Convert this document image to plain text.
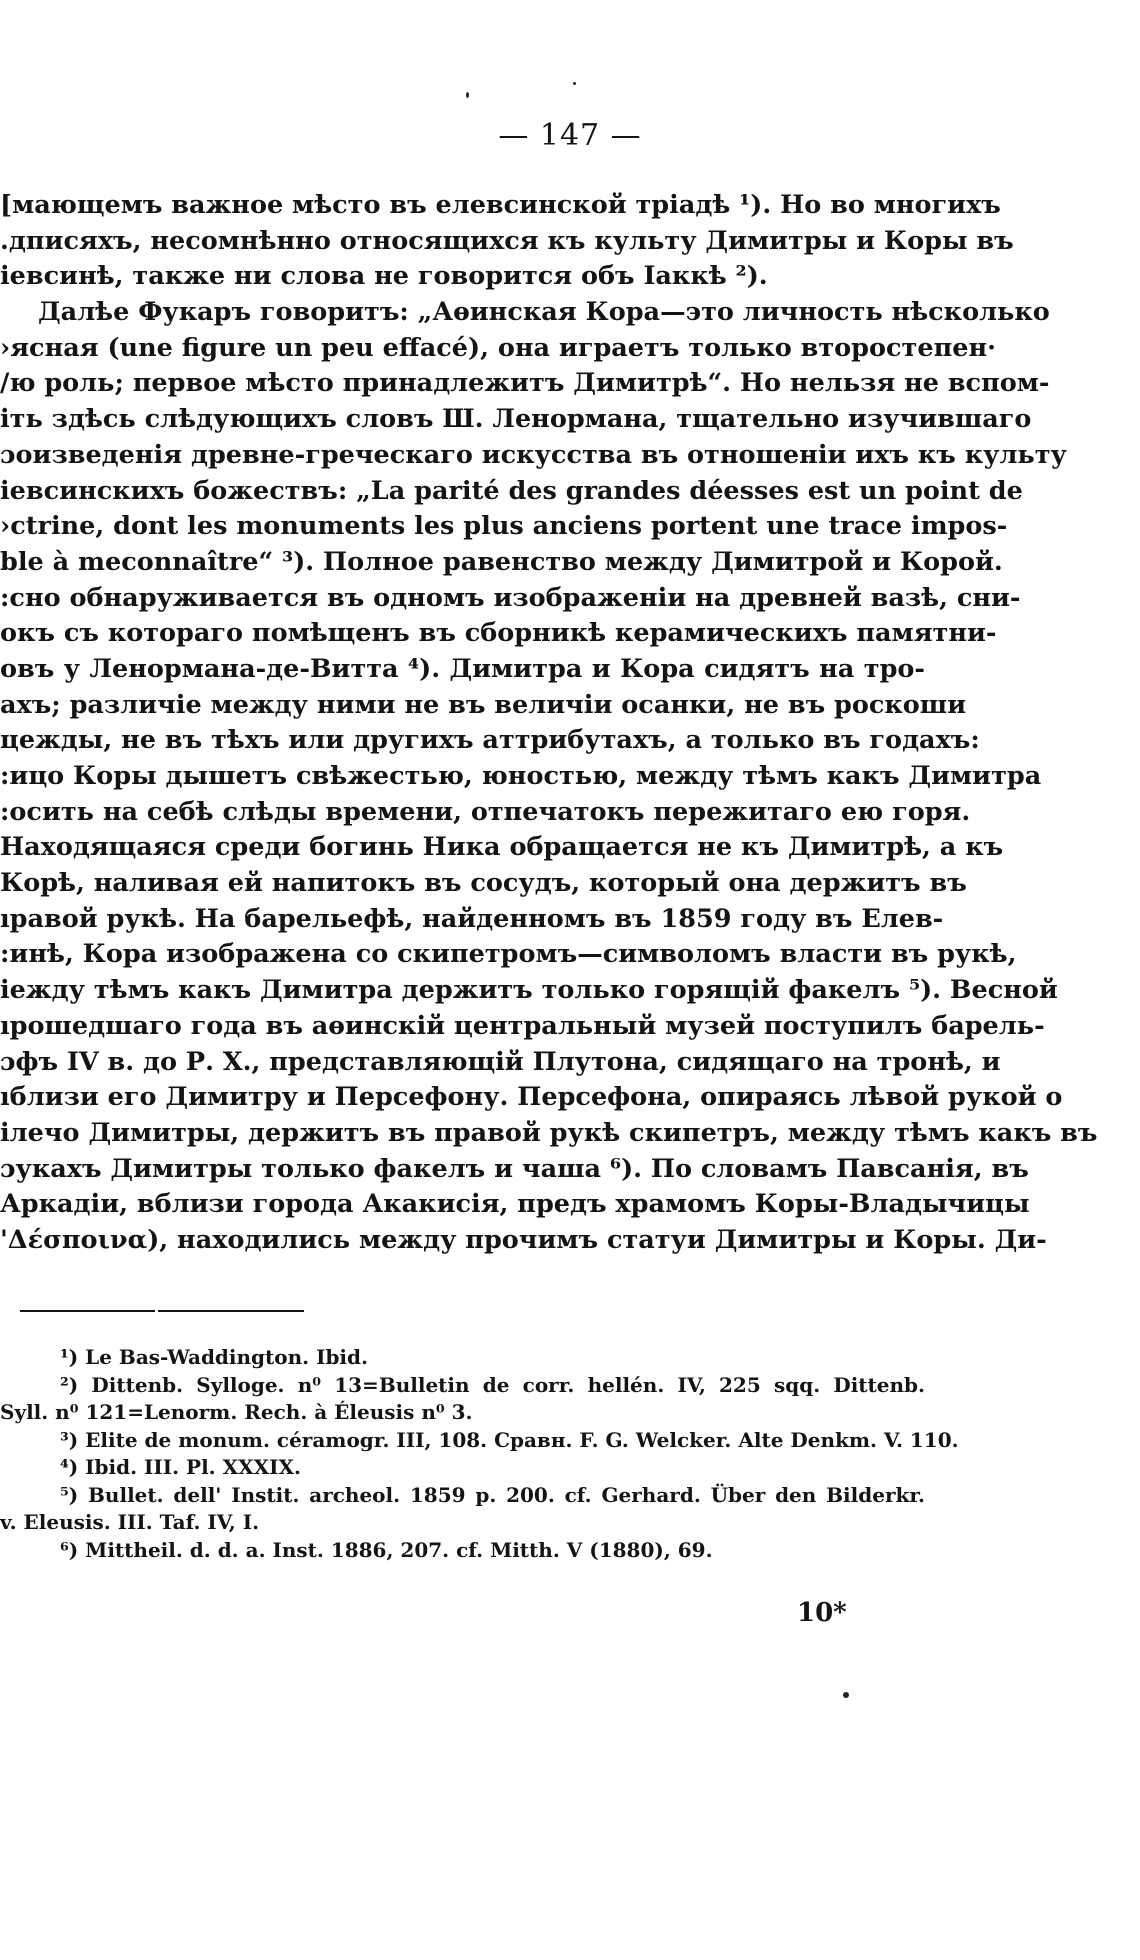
— 147 —
[мающемъ важное мѣсто въ елевсинской тріадѣ ¹). Но во многихъ
.дписяхъ, несомнѣнно относящихся къ культу Димитры и Коры въ
іевсинѣ, также ни слова не говорится объ Іаккѣ ²).
Далѣе Фукаръ говоритъ: „Аѳинская Кора—это личность нѣсколько
›ясная (une figure un peu effacé), она играетъ только второстепен·
/ю роль; первое мѣсто принадлежитъ Димитрѣ“. Но нельзя не вспом-
іть здѣсь слѣдующихъ словъ Ш. Ленормана, тщательно изучившаго
ɔоизведенія древне-греческаго искусства въ отношеніи ихъ къ культу
іевсинскихъ божествъ: „La parité des grandes déesses est un point de
›ctrine, dont les monuments les plus anciens portent une trace impos-
ble à meconnaître“ ³). Полное равенство между Димитрой и Корой.
:сно обнаруживается въ одномъ изображеніи на древней вазѣ, сни-
окъ съ котораго помѣщенъ въ сборникѣ керамическихъ памятни-
овъ у Ленормана-де-Витта ⁴). Димитра и Кора сидятъ на тро-
ахъ; различіе между ними не въ величіи осанки, не въ роскоши
цежды, не въ тѣхъ или другихъ аттрибутахъ, а только въ годахъ:
:ицо Коры дышетъ свѣжестью, юностью, между тѣмъ какъ Димитра
:осить на себѣ слѣды времени, отпечатокъ пережитаго ею горя.
Находящаяся среди богинь Ника обращается не къ Димитрѣ, а къ
Корѣ, наливая ей напитокъ въ сосудъ, который она держитъ въ
ıравой рукѣ. На барельефѣ, найденномъ въ 1859 году въ Елев-
:инѣ, Кора изображена со скипетромъ—символомъ власти въ рукѣ,
іежду тѣмъ какъ Димитра держитъ только горящій факелъ ⁵). Весной
ıрошедшаго года въ аѳинскій центральный музей поступилъ барель-
ɔфъ IV в. до Р. Х., представляющій Плутона, сидящаго на тронѣ, и
ıблизи его Димитру и Персефону. Персефона, опираясь лѣвой рукой о
ілечо Димитры, держитъ въ правой рукѣ скипетръ, между тѣмъ какъ въ
ɔукахъ Димитры только факелъ и чаша ⁶). По словамъ Павсанія, въ
Аркадіи, вблизи города Акакисія, предъ храмомъ Коры-Владычицы
'Δέσποινα), находились между прочимъ статуи Димитры и Коры. Ди-
¹) Le Bas-Waddington. Ibid.
²) Dittenb. Sylloge. n⁰ 13=Bulletin de corr. hellén. IV, 225 sqq. Dittenb.
Syll. n⁰ 121=Lenorm. Rech. à Éleusis n⁰ 3.
³) Elite de monum. céramogr. III, 108. Сравн. F. G. Welcker. Alte Denkm. V. 110.
⁴) Ibid. III. Pl. XXXIX.
⁵) Bullet. dell' Instit. archeol. 1859 p. 200. cf. Gerhard. Über den Bilderkr.
v. Eleusis. III. Taf. IV, I.
⁶) Mittheil. d. d. a. Inst. 1886, 207. cf. Mitth. V (1880), 69.
10*
